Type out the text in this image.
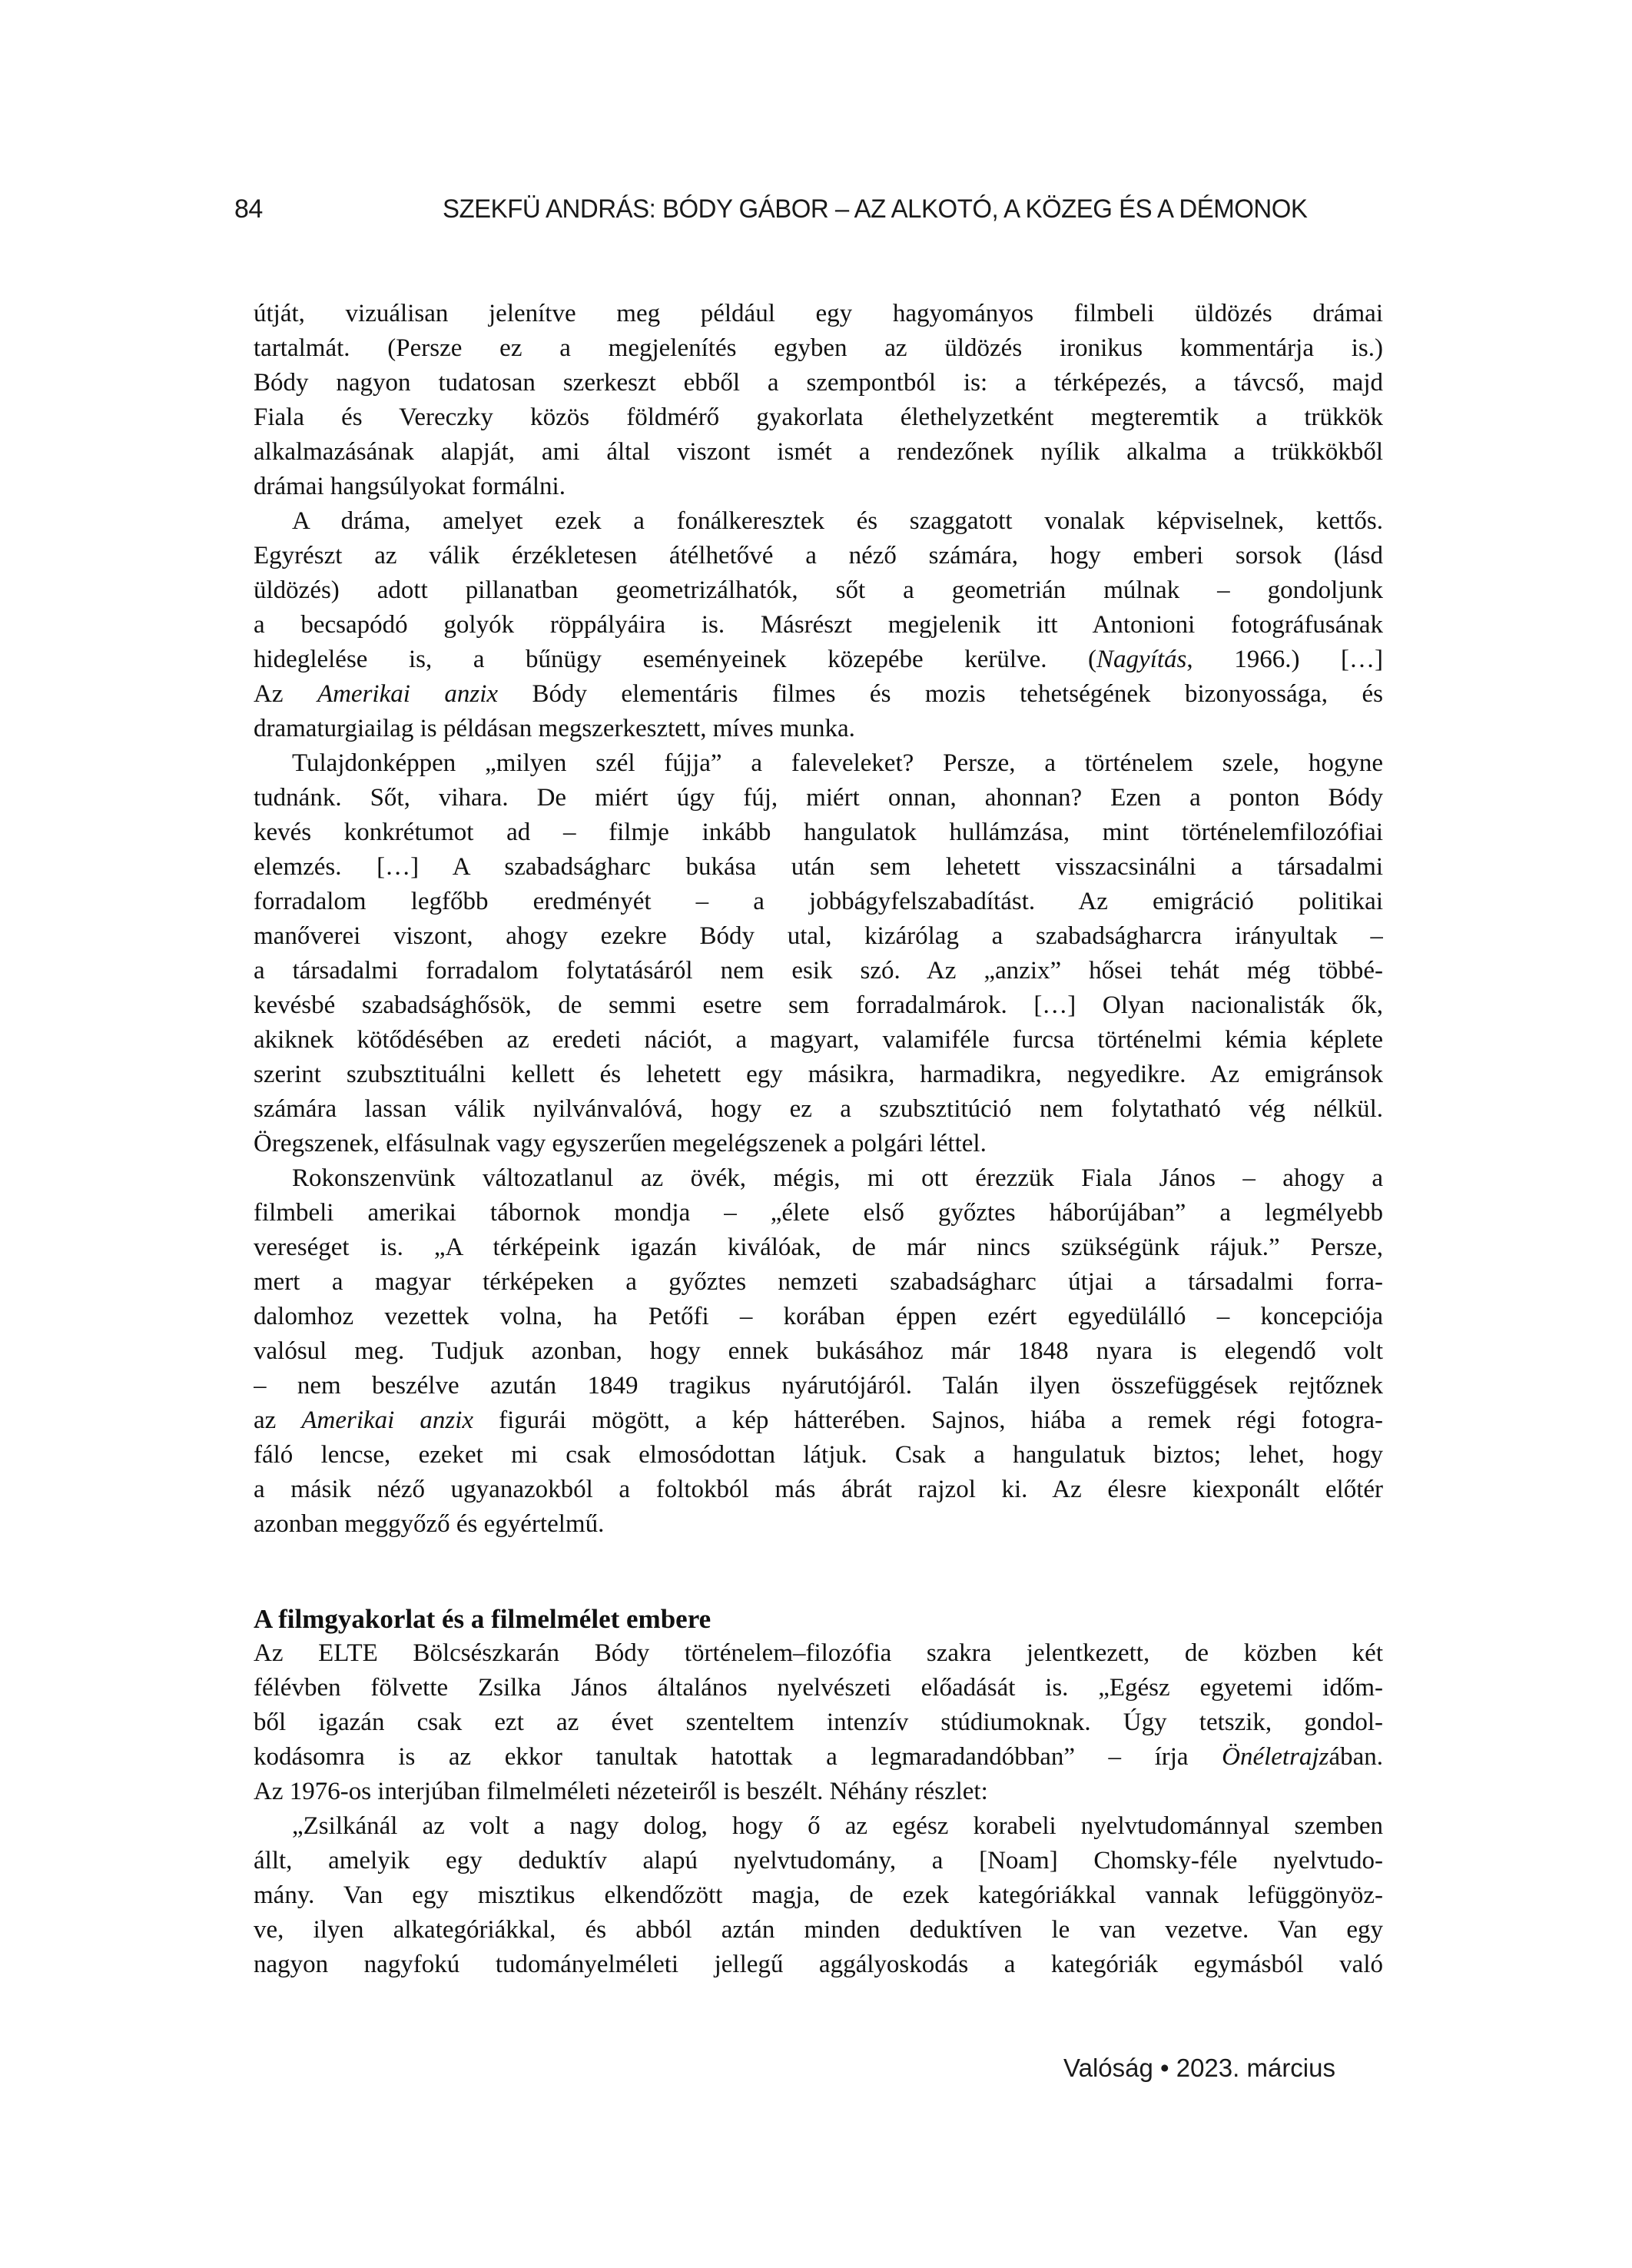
84	SZEKFÜ ANDRÁS: BÓDY GÁBOR – AZ ALKOTÓ, A KÖZEG ÉS A DÉMONOK
útját, vizuálisan jelenítve meg például egy hagyományos filmbeli üldözés drámai
tartalmát. (Persze ez a megjelenítés egyben az üldözés ironikus kommentárja is.)
Bódy nagyon tudatosan szerkeszt ebből a szempontból is: a térképezés, a távcső, majd
Fiala és Vereczky közös földmérő gyakorlata élethelyzetként megteremtik a trükkök
alkalmazásának alapját, ami által viszont ismét a rendezőnek nyílik alkalma a trükkökből
drámai hangsúlyokat formálni.
A dráma, amelyet ezek a fonálkeresztek és szaggatott vonalak képviselnek, kettős.
Egyrészt az válik érzékletesen átélhetővé a néző számára, hogy emberi sorsok (lásd
üldözés) adott pillanatban geometrizálhatók, sőt a geometrián múlnak – gondoljunk
a becsapódó golyók röppályáira is. Másrészt megjelenik itt Antonioni fotográfusának
hideglelése is, a bűnügy eseményeinek közepébe kerülve. (Nagyítás, 1966.) […]
Az Amerikai anzix Bódy elementáris filmes és mozis tehetségének bizonyossága, és
dramaturgiailag is példásan megszerkesztett, míves munka.
Tulajdonképpen „milyen szél fújja” a faleveleket? Persze, a történelem szele, hogyne
tudnánk. Sőt, vihara. De miért úgy fúj, miért onnan, ahonnan? Ezen a ponton Bódy
kevés konkrétumot ad – filmje inkább hangulatok hullámzása, mint történelemfilozófiai
elemzés. […] A szabadságharc bukása után sem lehetett visszacsinálni a társadalmi
forradalom legfőbb eredményét – a jobbágyfelszabadítást. Az emigráció politikai
manőverei viszont, ahogy ezekre Bódy utal, kizárólag a szabadságharcra irányultak –
a társadalmi forradalom folytatásáról nem esik szó. Az „anzix” hősei tehát még többé-
kevésbé szabadsághősök, de semmi esetre sem forradalmárok. […] Olyan nacionalisták ők,
akiknek kötődésében az eredeti nációt, a magyart, valamiféle furcsa történelmi kémia képlete
szerint szubsztituálni kellett és lehetett egy másikra, harmadikra, negyedikre. Az emigránsok
számára lassan válik nyilvánvalóvá, hogy ez a szubsztitúció nem folytatható vég nélkül.
Öregszenek, elfásulnak vagy egyszerűen megelégszenek a polgári léttel.
Rokonszenvünk változatlanul az övék, mégis, mi ott érezzük Fiala János – ahogy a
filmbeli amerikai tábornok mondja – „élete első győztes háborújában” a legmélyebb
vereséget is. „A térképeink igazán kiválóak, de már nincs szükségünk rájuk.” Persze,
mert a magyar térképeken a győztes nemzeti szabadságharc útjai a társadalmi forra-
dalomhoz vezettek volna, ha Petőfi – korában éppen ezért egyedülálló – koncepciója
valósul meg. Tudjuk azonban, hogy ennek bukásához már 1848 nyara is elegendő volt
– nem beszélve azután 1849 tragikus nyárutójáról. Talán ilyen összefüggések rejtőznek
az Amerikai anzix figurái mögött, a kép hátterében. Sajnos, hiába a remek régi fotogra-
fáló lencse, ezeket mi csak elmosódottan látjuk. Csak a hangulatuk biztos; lehet, hogy
a másik néző ugyanazokból a foltokból más ábrát rajzol ki. Az élesre kiexponált előtér
azonban meggyőző és egyértelmű.
A filmgyakorlat és a filmelmélet embere
Az ELTE Bölcsészkarán Bódy történelem–filozófia szakra jelentkezett, de közben két
félévben fölvette Zsilka János általános nyelvészeti előadását is. „Egész egyetemi időm-
ből igazán csak ezt az évet szenteltem intenzív stúdiumoknak. Úgy tetszik, gondol-
kodásomra is az ekkor tanultak hatottak a legmaradandóbban” – írja Önéletrajzában.
Az 1976-os interjúban filmelméleti nézeteiről is beszélt. Néhány részlet:
„Zsilkánál az volt a nagy dolog, hogy ő az egész korabeli nyelvtudománnyal szemben
állt, amelyik egy deduktív alapú nyelvtudomány, a [Noam] Chomsky-féle nyelvtudo-
mány. Van egy misztikus elkendőzött magja, de ezek kategóriákkal vannak lefüggönyöz-
ve, ilyen alkategóriákkal, és abból aztán minden deduktíven le van vezetve. Van egy
nagyon nagyfokú tudományelméleti jellegű aggályoskodás a kategóriák egymásból való
Valóság • 2023. március
